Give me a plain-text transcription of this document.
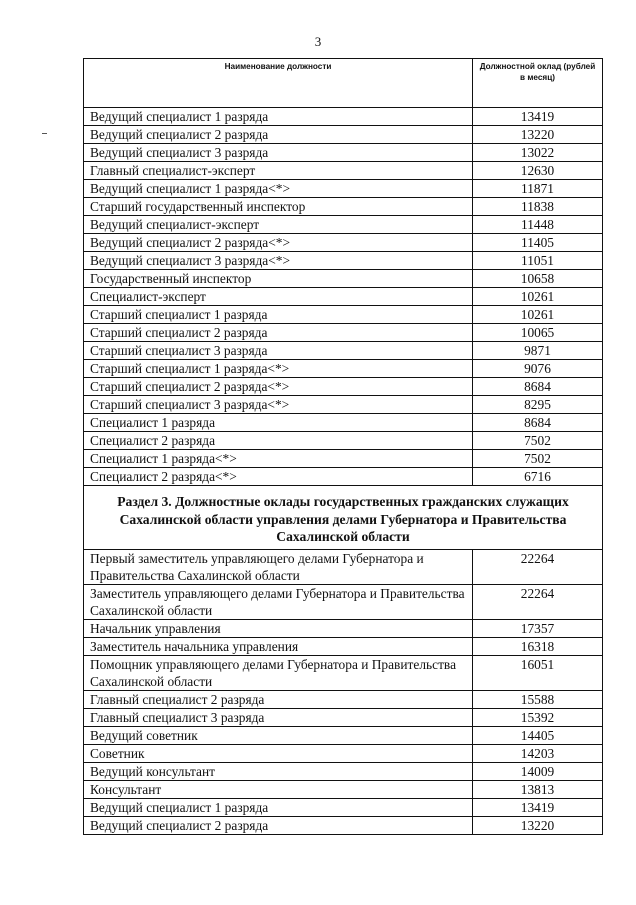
3
Наименование должности	Должностной оклад (рублей в месяц)
Ведущий специалист 1 разряда	13419
Ведущий специалист 2 разряда	13220
Ведущий специалист 3 разряда	13022
Главный специалист-эксперт	12630
Ведущий специалист 1 разряда<*>	11871
Старший государственный инспектор	11838
Ведущий специалист-эксперт	11448
Ведущий специалист 2 разряда<*>	11405
Ведущий специалист 3 разряда<*>	11051
Государственный инспектор	10658
Специалист-эксперт	10261
Старший специалист 1 разряда	10261
Старший специалист 2 разряда	10065
Старший специалист 3 разряда	9871
Старший специалист 1 разряда<*>	9076
Старший специалист 2 разряда<*>	8684
Старший специалист 3 разряда<*>	8295
Специалист 1 разряда	8684
Специалист 2 разряда	7502
Специалист 1 разряда<*>	7502
Специалист 2 разряда<*>	6716
Раздел 3. Должностные оклады государственных гражданских служащих Сахалинской области управления делами Губернатора и Правительства Сахалинской области	
Первый заместитель управляющего делами Губернатора и Правительства Сахалинской области	22264
Заместитель управляющего делами Губернатора и Правительства Сахалинской области	22264
Начальник управления	17357
Заместитель начальника управления	16318
Помощник управляющего делами Губернатора и Правительства Сахалинской области	16051
Главный специалист 2 разряда	15588
Главный специалист 3 разряда	15392
Ведущий советник	14405
Советник	14203
Ведущий консультант	14009
Консультант	13813
Ведущий специалист 1 разряда	13419
Ведущий специалист 2 разряда	13220
